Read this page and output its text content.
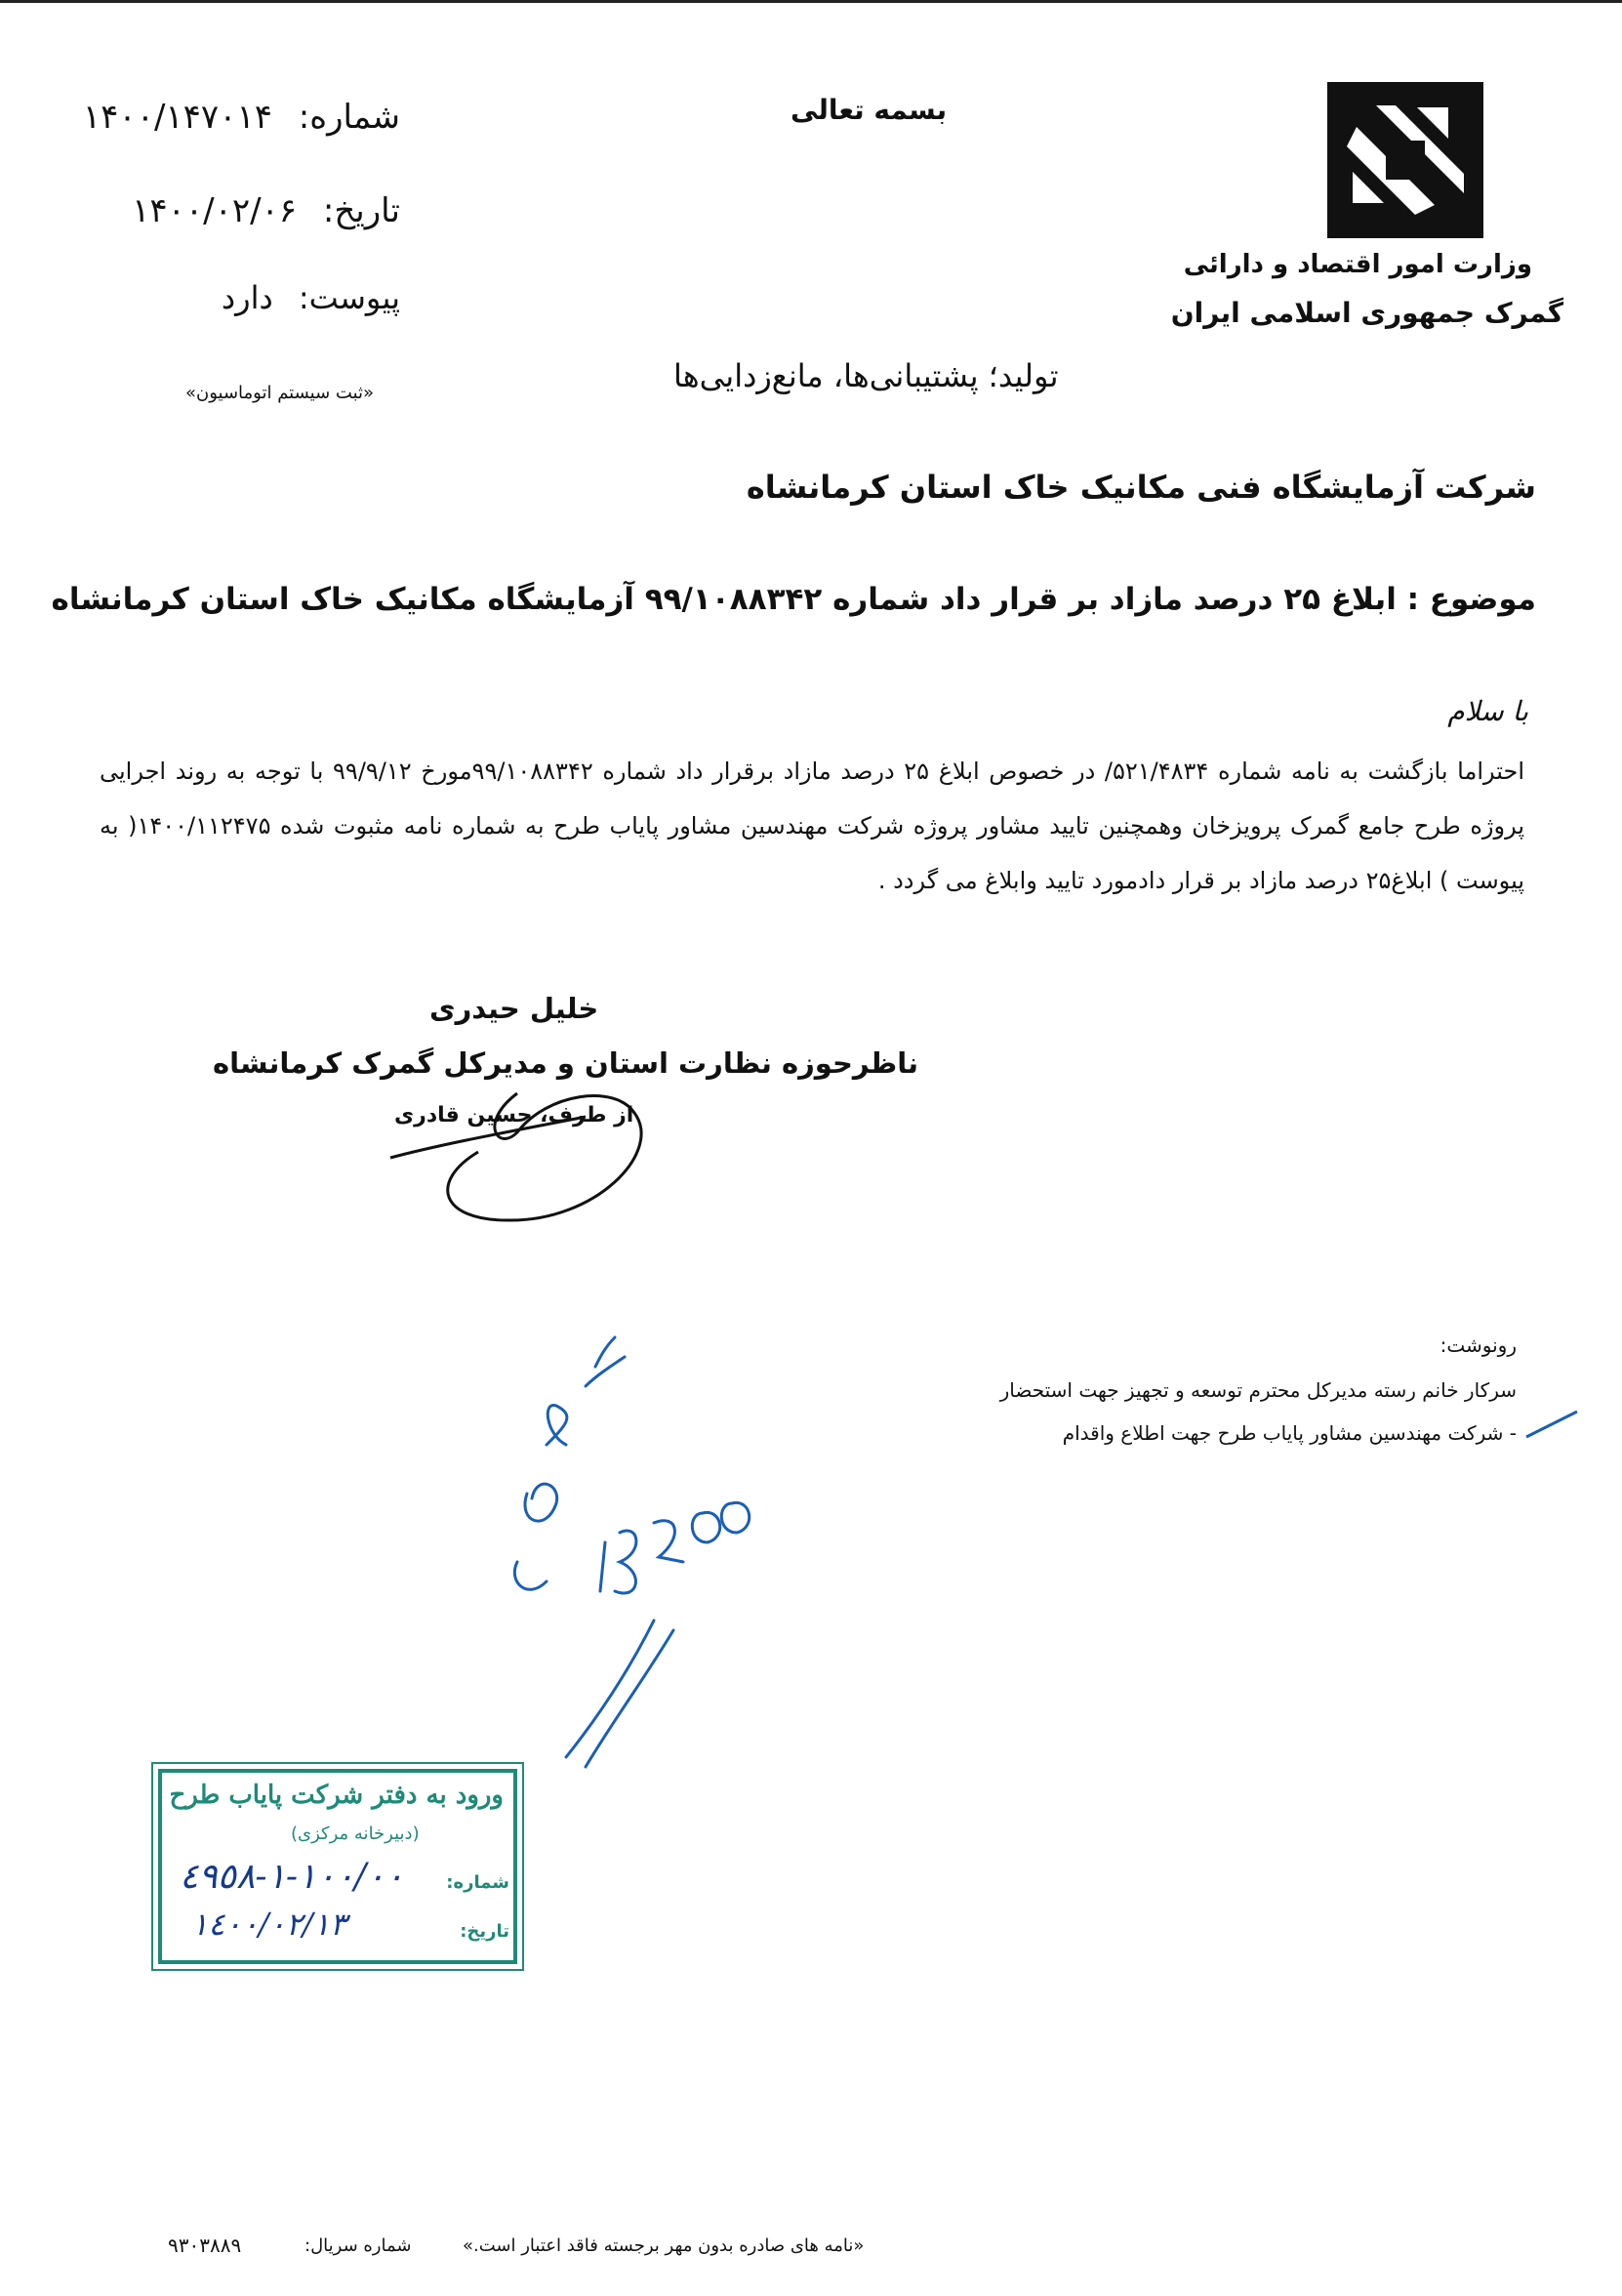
وزارت امور اقتصاد و دارائی
گمرک جمهوری اسلامی ایران
بسمه تعالی
شماره: ۱۴۰۰/۱۴۷۰۱۴
تاریخ: ۱۴۰۰/۰۲/۰۶
پیوست: دارد
«ثبت سیستم اتوماسیون»	تولید؛ پشتیبانی‌ها، مانع‌زدایی‌ها
شرکت آزمایشگاه فنی مکانیک خاک استان کرمانشاه
موضوع : ابلاغ ۲۵ درصد مازاد بر قرار داد شماره ۹۹/۱۰۸۸۳۴۲ آزمایشگاه مکانیک خاک استان کرمانشاه
با سلام
احتراما بازگشت به نامه شماره ۵۲۱/۴۸۳۴/ در خصوص ابلاغ ۲۵ درصد مازاد برقرار داد شماره ۹۹/۱۰۸۸۳۴۲مورخ ۹۹/۹/۱۲ با توجه به روند اجرایی پروژه طرح جامع گمرک پرویزخان وهمچنین تایید مشاور پروژه شرکت مهندسین مشاور پایاب طرح به شماره نامه مثبوت شده ۱۴۰۰/۱۱۲۴۷۵( به پیوست ) ابلاغ۲۵ درصد مازاد بر قرار دادمورد تایید وابلاغ می گردد .
خلیل حیدری
ناظرحوزه نظارت استان و مدیرکل گمرک کرمانشاه
از طرف، حسین قادری
رونوشت:
سرکار خانم رسته مدیرکل محترم توسعه و تجهیز جهت استحضار
- شرکت مهندسین مشاور پایاب طرح جهت اطلاع واقدام
ورود به دفتر شرکت پایاب طرح
(دبیرخانه مرکزی)
شماره:
١٠٠/٠٠-١-٤٩٥٨
تاریخ:
١٤٠٠/٠٢/١٣
«نامه های صادره بدون مهر برجسته فاقد اعتبار است.»
شماره سریال:
۹۳۰۳۸۸۹
